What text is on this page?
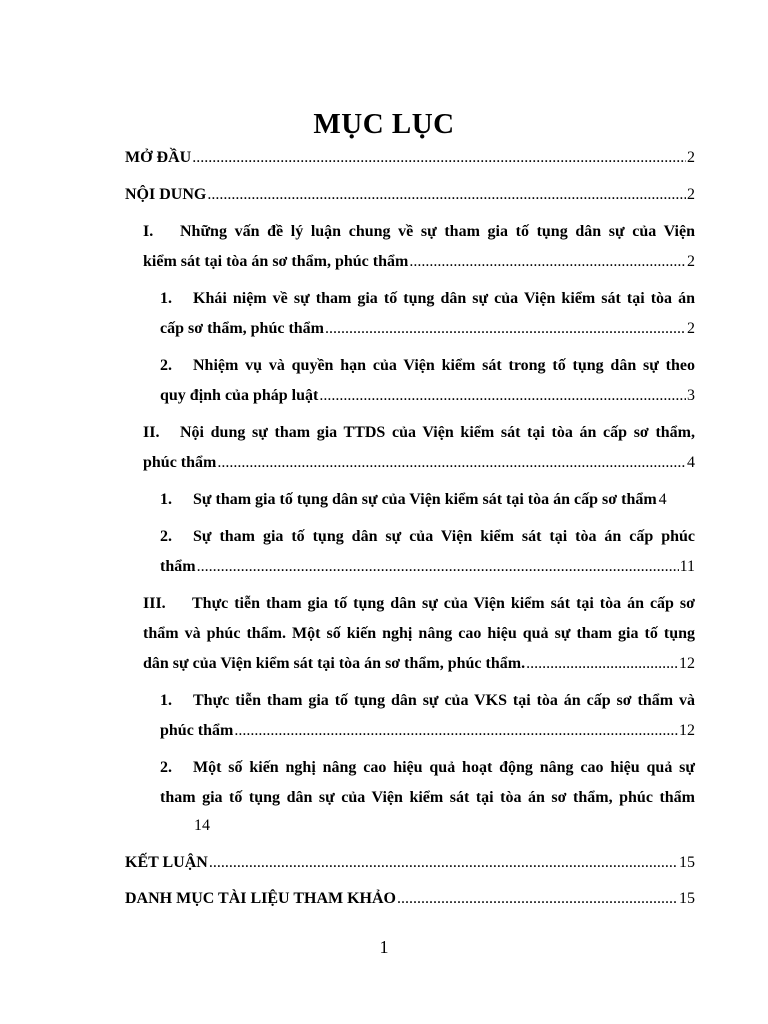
MỤC LỤC
MỞ ĐẦU .....	2
NỘI DUNG .....	2
I. Những vấn đề lý luận chung về sự tham gia tố tụng dân sự của Viện
kiểm sát tại tòa án sơ thẩm, phúc thẩm .....	2
1. Khái niệm về sự tham gia tố tụng dân sự của Viện kiểm sát tại tòa án
cấp sơ thẩm, phúc thẩm .....	2
2. Nhiệm vụ và quyền hạn của Viện kiểm sát trong tố tụng dân sự theo
quy định của pháp luật .....	3
II. Nội dung sự tham gia TTDS của Viện kiểm sát tại tòa án cấp sơ thẩm,
phúc thẩm .....	4
1.	Sự tham gia tố tụng dân sự của Viện kiểm sát tại tòa án cấp sơ thẩm 4
2. Sự tham gia tố tụng dân sự của Viện kiểm sát tại tòa án cấp phúc
thẩm .....	11
III. Thực tiễn tham gia tố tụng dân sự của Viện kiểm sát tại tòa án cấp sơ
thẩm và phúc thẩm. Một số kiến nghị nâng cao hiệu quả sự tham gia tố tụng
dân sự của Viện kiểm sát tại tòa án sơ thẩm, phúc thẩm. .....	12
1. Thực tiễn tham gia tố tụng dân sự của VKS tại tòa án cấp sơ thẩm và
phúc thẩm .....	12
2. Một số kiến nghị nâng cao hiệu quả hoạt động nâng cao hiệu quả sự
tham gia tố tụng dân sự của Viện kiểm sát tại tòa án sơ thẩm, phúc thẩm
14
KẾT LUẬN .....	15
DANH MỤC TÀI LIỆU THAM KHẢO .....	15
1
